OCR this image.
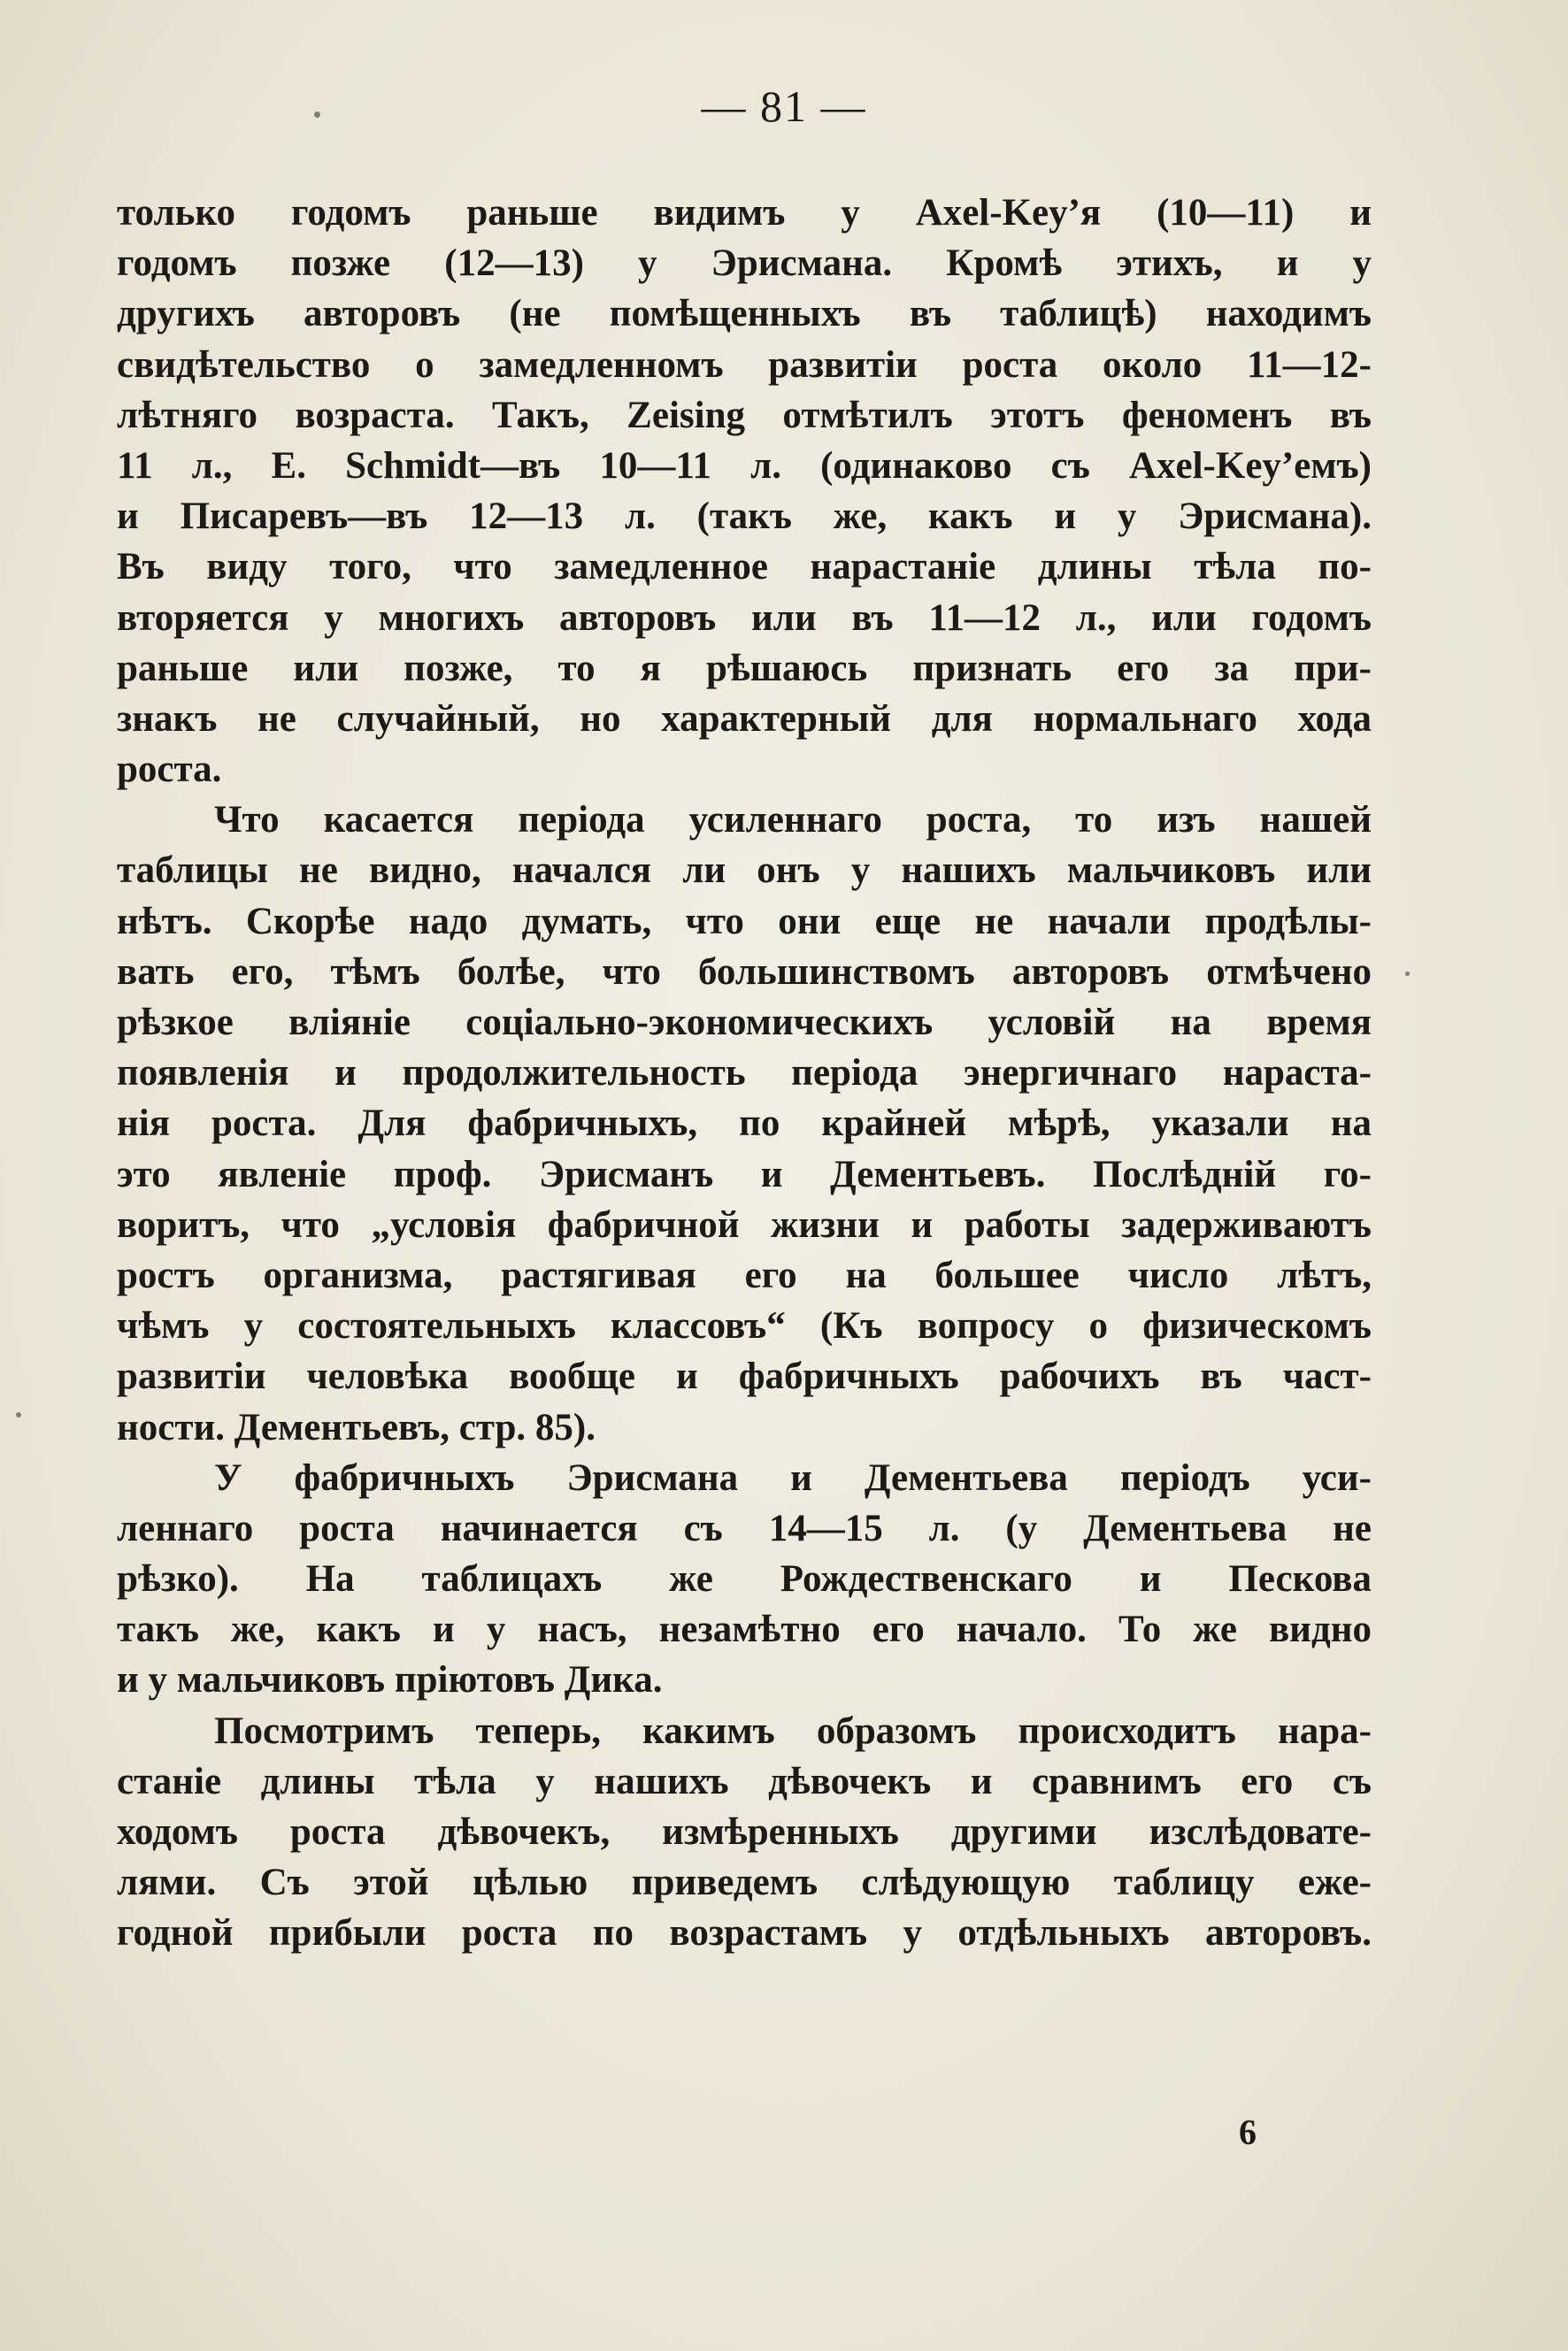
— 81 —
только годомъ раньше видимъ у Axel-Key’я (10—11) и
годомъ позже (12—13) у Эрисмана. Кромѣ этихъ, и у
другихъ авторовъ (не помѣщенныхъ въ таблицѣ) находимъ
свидѣтельство о замедленномъ развитіи роста около 11—12-
лѣтняго возраста. Такъ, Zeising отмѣтилъ этотъ феноменъ въ
11 л., E. Schmidt—въ 10—11 л. (одинаково съ Axel-Key’емъ)
и Писаревъ—въ 12—13 л. (такъ же, какъ и у Эрисмана).
Въ виду того, что замедленное нарастаніе длины тѣла по-
вторяется у многихъ авторовъ или въ 11—12 л., или годомъ
раньше или позже, то я рѣшаюсь признать его за при-
знакъ не случайный, но характерный для нормальнаго хода
роста.
Что касается періода усиленнаго роста, то изъ нашей
таблицы не видно, начался ли онъ у нашихъ мальчиковъ или
нѣтъ. Скорѣе надо думать, что они еще не начали продѣлы-
вать его, тѣмъ болѣе, что большинствомъ авторовъ отмѣчено
рѣзкое вліяніе соціально-экономическихъ условій на время
появленія и продолжительность періода энергичнаго нараста-
нія роста. Для фабричныхъ, по крайней мѣрѣ, указали на
это явленіе проф. Эрисманъ и Дементьевъ. Послѣдній го-
воритъ, что „условія фабричной жизни и работы задерживаютъ
ростъ организма, растягивая его на большее число лѣтъ,
чѣмъ у состоятельныхъ классовъ“ (Къ вопросу о физическомъ
развитіи человѣка вообще и фабричныхъ рабочихъ въ част-
ности. Дементьевъ, стр. 85).
У фабричныхъ Эрисмана и Дементьева періодъ уси-
леннаго роста начинается съ 14—15 л. (у Дементьева не
рѣзко). На таблицахъ же Рождественскаго и Пескова
такъ же, какъ и у насъ, незамѣтно его начало. То же видно
и у мальчиковъ пріютовъ Дика.
Посмотримъ теперь, какимъ образомъ происходитъ нара-
станіе длины тѣла у нашихъ дѣвочекъ и сравнимъ его съ
ходомъ роста дѣвочекъ, измѣренныхъ другими изслѣдовате-
лями. Съ этой цѣлью приведемъ слѣдующую таблицу еже-
годной прибыли роста по возрастамъ у отдѣльныхъ авторовъ.
6
